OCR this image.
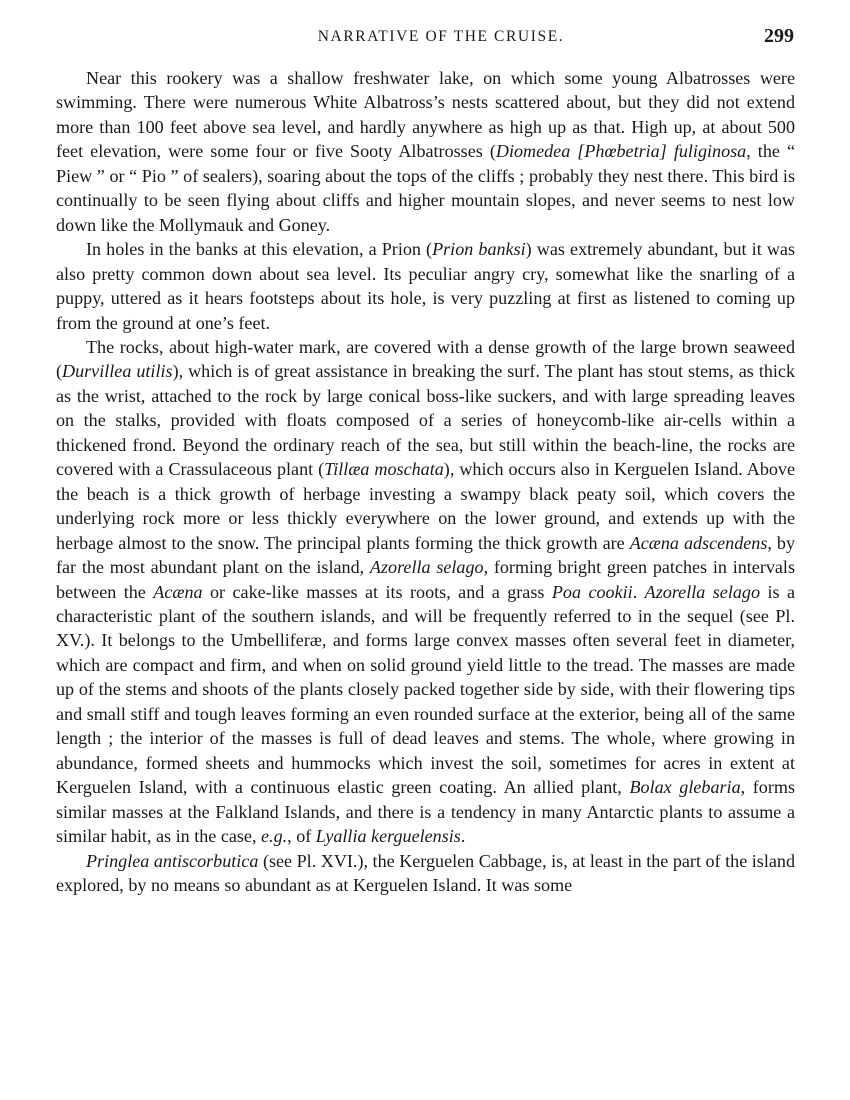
NARRATIVE OF THE CRUISE.	299

Near this rookery was a shallow freshwater lake, on which some young Albatrosses were swimming. There were numerous White Albatross’s nests scattered about, but they did not extend more than 100 feet above sea level, and hardly anywhere as high up as that. High up, at about 500 feet elevation, were some four or five Sooty Albatrosses (Diomedea [Phœbetria] fuliginosa, the “ Piew ” or “ Pio ” of sealers), soaring about the tops of the cliffs ; probably they nest there. This bird is continually to be seen flying about cliffs and higher mountain slopes, and never seems to nest low down like the Mollymauk and Goney.

In holes in the banks at this elevation, a Prion (Prion banksi) was extremely abundant, but it was also pretty common down about sea level. Its peculiar angry cry, somewhat like the snarling of a puppy, uttered as it hears footsteps about its hole, is very puzzling at first as listened to coming up from the ground at one’s feet.

The rocks, about high-water mark, are covered with a dense growth of the large brown seaweed (Durvillea utilis), which is of great assistance in breaking the surf. The plant has stout stems, as thick as the wrist, attached to the rock by large conical boss-like suckers, and with large spreading leaves on the stalks, provided with floats composed of a series of honeycomb-like air-cells within a thickened frond. Beyond the ordinary reach of the sea, but still within the beach-line, the rocks are covered with a Crassulaceous plant (Tillæa moschata), which occurs also in Kerguelen Island. Above the beach is a thick growth of herbage investing a swampy black peaty soil, which covers the underlying rock more or less thickly everywhere on the lower ground, and extends up with the herbage almost to the snow. The principal plants forming the thick growth are Acæna adscendens, by far the most abundant plant on the island, Azorella selago, forming bright green patches in intervals between the Acæna or cake-like masses at its roots, and a grass Poa cookii. Azorella selago is a characteristic plant of the southern islands, and will be frequently referred to in the sequel (see Pl. XV.). It belongs to the Umbelliferæ, and forms large convex masses often several feet in diameter, which are compact and firm, and when on solid ground yield little to the tread. The masses are made up of the stems and shoots of the plants closely packed together side by side, with their flowering tips and small stiff and tough leaves forming an even rounded surface at the exterior, being all of the same length ; the interior of the masses is full of dead leaves and stems. The whole, where growing in abundance, formed sheets and hummocks which invest the soil, sometimes for acres in extent at Kerguelen Island, with a continuous elastic green coating. An allied plant, Bolax glebaria, forms similar masses at the Falkland Islands, and there is a tendency in many Antarctic plants to assume a similar habit, as in the case, e.g., of Lyallia kerguelensis.

Pringlea antiscorbutica (see Pl. XVI.), the Kerguelen Cabbage, is, at least in the part of the island explored, by no means so abundant as at Kerguelen Island. It was some
